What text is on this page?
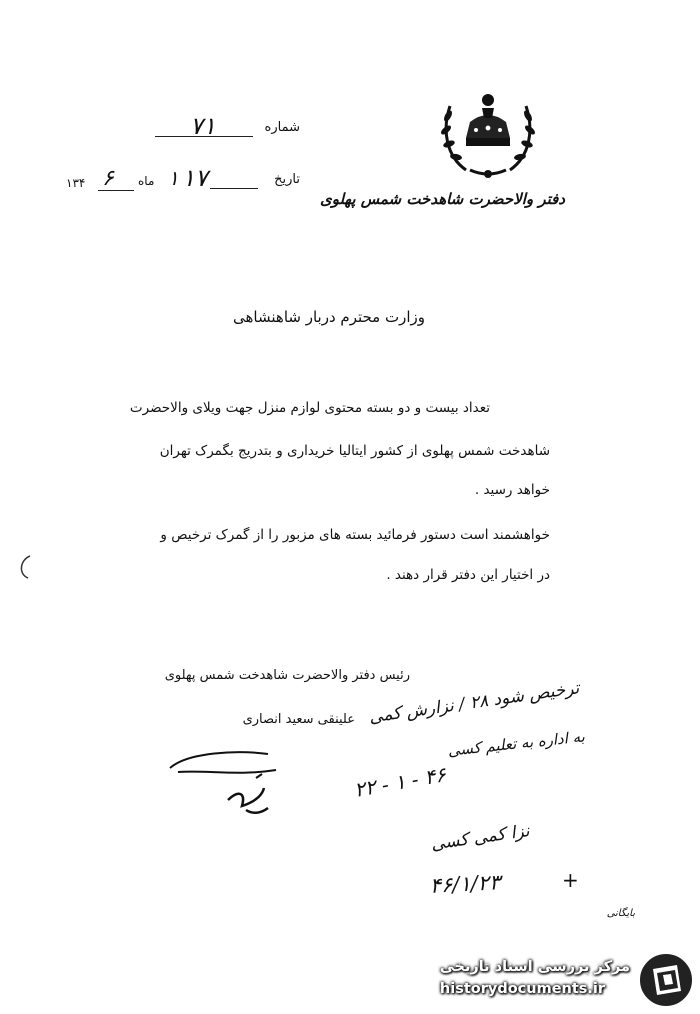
دفتر والاحضرت شاهدخت شمس پهلوی
شماره
۷۱
تاریخ
۱۷
۱
ماه
۶
۱۳۴
وزارت محترم دربار شاهنشاهی
تعداد بیست و دو بسته محتوی لوازم منزل جهت ویلای والاحضرت
شاهدخت شمس پهلوی از کشور ایتالیا خریداری و بتدریج بگمرک تهران
خواهد رسید .
خواهشمند است دستور فرمائید بسته های مزبور را از گمرک ترخیص و
در اختیار این دفتر قرار دهند .
رئیس دفتر والاحضرت شاهدخت شمس پهلوی
علینقی سعید انصاری ترخیص شود ۲۸ / نزارش کمی
به اداره به تعلیم کسی
۴۶ - ۱ - ۲۲
نزا کمی کسی
۴۶/۱/۲۳	+
بایگانی
مرکز بررسی اسناد تاریخی
historydocuments.ir
